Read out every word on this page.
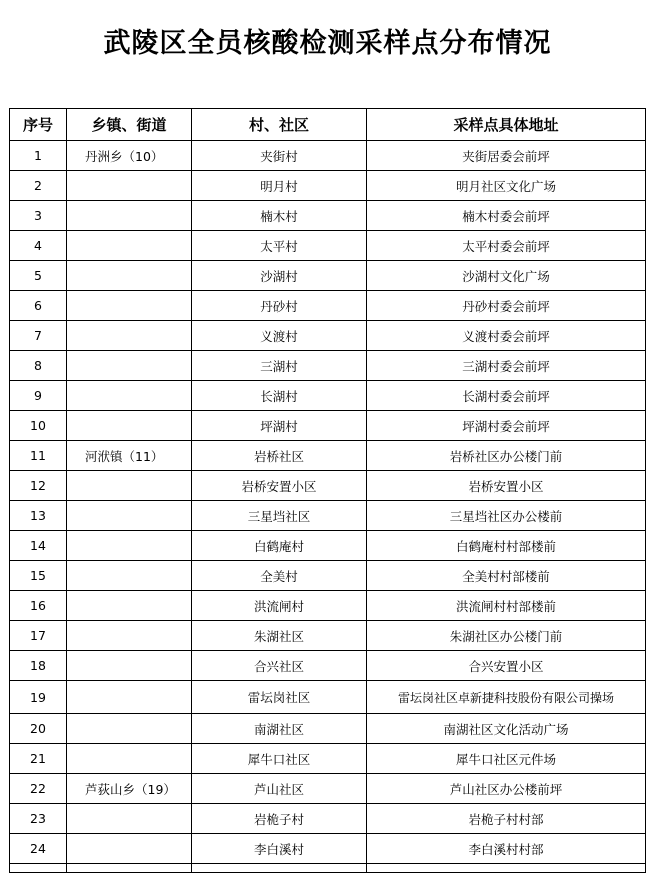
武陵区全员核酸检测采样点分布情况
序号	乡镇、街道	村、社区	采样点具体地址
1	丹洲乡（10）	夹街村	夹街居委会前坪
2		明月村	明月社区文化广场
3		楠木村	楠木村委会前坪
4		太平村	太平村委会前坪
5		沙湖村	沙湖村文化广场
6		丹砂村	丹砂村委会前坪
7		义渡村	义渡村委会前坪
8		三湖村	三湖村委会前坪
9		长湖村	长湖村委会前坪
10		坪湖村	坪湖村委会前坪
11	河洑镇（11）	岩桥社区	岩桥社区办公楼门前
12		岩桥安置小区	岩桥安置小区
13		三星垱社区	三星垱社区办公楼前
14		白鹤庵村	白鹤庵村村部楼前
15		全美村	全美村村部楼前
16		洪流闸村	洪流闸村村部楼前
17		朱湖社区	朱湖社区办公楼门前
18		合兴社区	合兴安置小区
19		雷坛岗社区	雷坛岗社区卓新捷科技股份有限公司操场
20		南湖社区	南湖社区文化活动广场
21		犀牛口社区	犀牛口社区元件场
22	芦荻山乡（19）	芦山社区	芦山社区办公楼前坪
23		岩桅子村	岩桅子村村部
24		李白溪村	李白溪村村部
